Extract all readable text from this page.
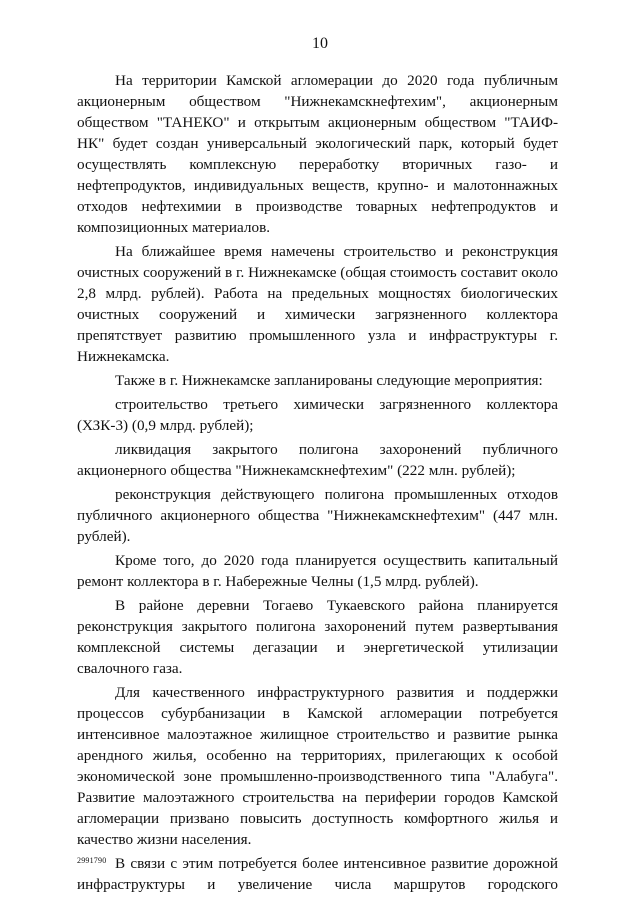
10

На территории Камской агломерации до 2020 года публичным акционерным обществом "Нижнекамскнефтехим", акционерным обществом "ТАНЕКО" и открытым акционерным обществом "ТАИФ-НК" будет создан универсальный экологический парк, который будет осуществлять комплексную переработку вторичных газо- и нефтепродуктов, индивидуальных веществ, крупно- и малотоннажных отходов нефтехимии в производстве товарных нефтепродуктов и композиционных материалов.

На ближайшее время намечены строительство и реконструкция очистных сооружений в г. Нижнекамске (общая стоимость составит около 2,8 млрд. рублей). Работа на предельных мощностях биологических очистных сооружений и химически загрязненного коллектора препятствует развитию промышленного узла и инфраструктуры г. Нижнекамска.

Также в г. Нижнекамске запланированы следующие мероприятия:

строительство третьего химически загрязненного коллектора (ХЗК-3) (0,9 млрд. рублей);

ликвидация закрытого полигона захоронений публичного акционерного общества "Нижнекамскнефтехим" (222 млн. рублей);

реконструкция действующего полигона промышленных отходов публичного акционерного общества "Нижнекамскнефтехим" (447 млн. рублей).

Кроме того, до 2020 года планируется осуществить капитальный ремонт коллектора в г. Набережные Челны (1,5 млрд. рублей).

В районе деревни Тогаево Тукаевского района планируется реконструкция закрытого полигона захоронений путем развертывания комплексной системы дегазации и энергетической утилизации свалочного газа.

Для качественного инфраструктурного развития и поддержки процессов субурбанизации в Камской агломерации потребуется интенсивное малоэтажное жилищное строительство и развитие рынка арендного жилья, особенно на территориях, прилегающих к особой экономической зоне промышленно-производственного типа "Алабуга". Развитие малоэтажного строительства на периферии городов Камской агломерации призвано повысить доступность комфортного жилья и качество жизни населения.

В связи с этим потребуется более интенсивное развитие дорожной инфраструктуры и увеличение числа маршрутов городского

2991790
